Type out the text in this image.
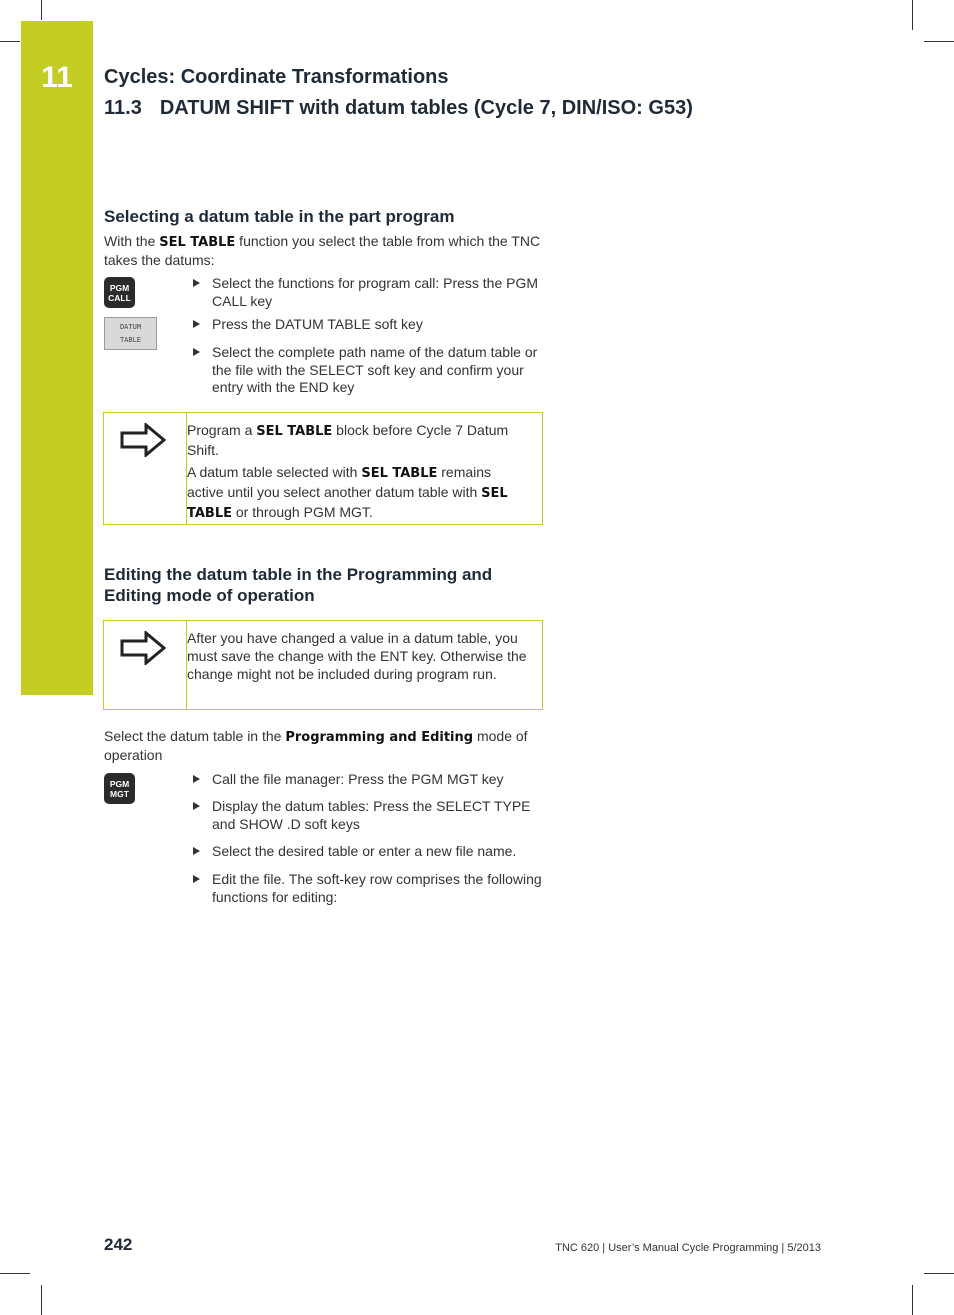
11	Cycles: Coordinate Transformations
11.3 DATUM SHIFT with datum tables (Cycle 7, DIN/ISO: G53)
Selecting a datum table in the part program
With the SEL TABLE function you select the table from which the TNC takes the datums:
PGM
CALL
DATUM
TABLE
Select the functions for program call: Press the PGM CALL key
Press the DATUM TABLE soft key
Select the complete path name of the datum table or the file with the SELECT soft key and confirm your entry with the END key
Program a SEL TABLE block before Cycle 7 Datum Shift.
A datum table selected with SEL TABLE remains active until you select another datum table with SEL TABLE or through PGM MGT.
Editing the datum table in the Programming and Editing mode of operation
After you have changed a value in a datum table, you must save the change with the ENT key. Otherwise the change might not be included during program run.
Select the datum table in the Programming and Editing mode of operation
PGM
MGT
Call the file manager: Press the PGM MGT key
Display the datum tables: Press the SELECT TYPE and SHOW .D soft keys
Select the desired table or enter a new file name.
Edit the file. The soft-key row comprises the following functions for editing:
242	TNC 620 | User’s Manual Cycle Programming | 5/2013
